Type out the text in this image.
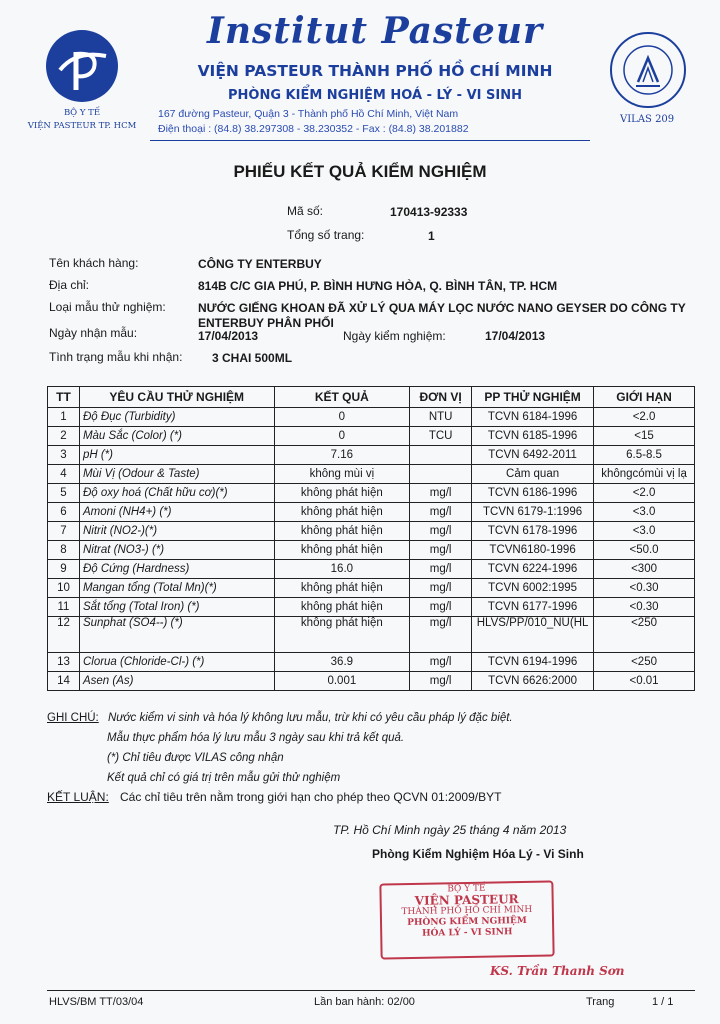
BỘ Y TẾ
VIỆN PASTEUR TP. HCM
Institut Pasteur
VIỆN PASTEUR THÀNH PHỐ HỒ CHÍ MINH
PHÒNG KIỂM NGHIỆM HOÁ - LÝ - VI SINH
167 đường Pasteur, Quận 3 - Thành phố Hồ Chí Minh, Việt Nam
Điện thoại : (84.8) 38.297308 - 38.230352 - Fax : (84.8) 38.201882
VILAS 209
PHIẾU KẾT QUẢ KIỂM NGHIỆM
Mã số:	170413-92333
Tổng số trang:	1
Tên khách hàng:	CÔNG TY ENTERBUY
Địa chỉ:	814B C/C GIA PHÚ, P. BÌNH HƯNG HÒA, Q. BÌNH TÂN, TP. HCM
Loại mẫu thử nghiệm:	NƯỚC GIẾNG KHOAN ĐÃ XỬ LÝ QUA MÁY LỌC NƯỚC NANO GEYSER DO CÔNG TY
ENTERBUY PHÂN PHỐI
Ngày nhận mẫu:	17/04/2013	Ngày kiểm nghiệm:	17/04/2013
Tình trạng mẫu khi nhận: 3 CHAI 500ML
TT	YÊU CẦU THỬ NGHIỆM	KẾT QUẢ	ĐƠN VỊ	PP THỬ NGHIỆM	GIỚI HẠN
1	Độ Đục (Turbidity)	0	NTU	TCVN 6184-1996	<2.0
2	Màu Sắc (Color) (*)	0	TCU	TCVN 6185-1996	<15
3	pH (*)	7.16		TCVN 6492-2011	6.5-8.5
4	Mùi Vị (Odour & Taste)	không mùi vị		Cảm quan	khôngcómùi vị lạ
5	Độ oxy hoá (Chất hữu cơ)(*)	không phát hiện	mg/l	TCVN 6186-1996	<2.0
6	Amoni (NH4+) (*)	không phát hiện	mg/l	TCVN 6179-1:1996	<3.0
7	Nitrit (NO2-)(*)	không phát hiện	mg/l	TCVN 6178-1996	<3.0
8	Nitrat (NO3-) (*)	không phát hiện	mg/l	TCVN6180-1996	<50.0
9	Độ Cứng (Hardness)	16.0	mg/l	TCVN 6224-1996	<300
10	Mangan tổng (Total Mn)(*)	không phát hiện	mg/l	TCVN 6002:1995	<0.30
11	Sắt tổng (Total Iron) (*)	không phát hiện	mg/l	TCVN 6177-1996	<0.30
12	Sunphat (SO4--) (*)	không phát hiện	mg/l	HLVS/PP/010_NU(HL	<250
13	Clorua (Chloride-Cl-) (*)	36.9	mg/l	TCVN 6194-1996	<250
14	Asen (As)	0.001	mg/l	TCVN 6626:2000	<0.01
GHI CHÚ: Nước kiểm vi sinh và hóa lý không lưu mẫu, trừ khi có yêu cầu pháp lý đặc biệt.
Mẫu thực phẩm hóa lý lưu mẫu 3 ngày sau khi trả kết quả.
(*) Chỉ tiêu được VILAS công nhận
Kết quả chỉ có giá trị trên mẫu gửi thử nghiệm
KẾT LUẬN: Các chỉ tiêu trên nằm trong giới hạn cho phép theo QCVN 01:2009/BYT
TP. Hồ Chí Minh ngày 25 tháng 4 năm 2013
Phòng Kiểm Nghiệm Hóa Lý - Vi Sinh
BỘ Y TẾ
VIỆN PASTEUR
THÀNH PHỐ HỒ CHÍ MINH
PHÒNG KIỂM NGHIỆM
HÓA LÝ - VI SINH
KS. Trần Thanh Sơn
HLVS/BM TT/03/04	Lần ban hành: 02/00	Trang	1 / 1
